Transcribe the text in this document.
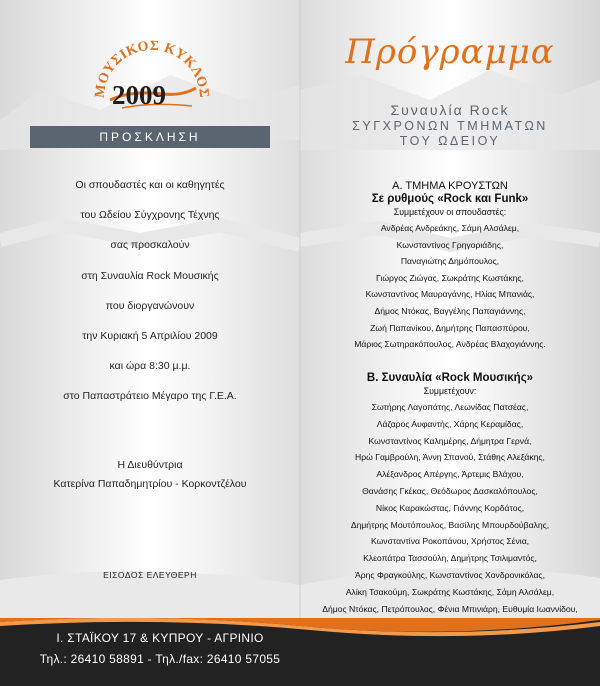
ΜΟΥΣΙΚΟΣ ΚΥΚΛΟΣ
2009
ΠΡΟΣΚΛΗΣΗ
Οι σπουδαστές και οι καθηγητές
του Ωδείου Σύγχρονης Τέχνης
σας προσκαλούν
στη Συναυλία Rock Μουσικής
που διοργανώνουν
την Κυριακή 5 Απριλίου 2009
και ώρα 8:30 μ.μ.
στο Παπαστράτειο Μέγαρο της Γ.Ε.Α.
Η Διευθύντρια
Κατερίνα Παπαδημητρίου - Κορκοντζέλου
ΕΙΣΟΔΟΣ ΕΛΕΥΘΕΡΗ
Πρόγραμμα
Συναυλία Rock
ΣΥΓΧΡΟΝΩΝ ΤΜΗΜΑΤΩΝ
ΤΟΥ ΩΔΕΙΟΥ
Α. ΤΜΗΜΑ ΚΡΟΥΣΤΩΝ
Σε ρυθμούς «Rock και Funk»
Συμμετέχουν οι σπουδαστές:
Ανδρέας Ανδρεάκης, Σάμη Αλσάλεμ,
Κωνσταντίνος Γρηγοριάδης,
Παναγιώτης Δημόπουλος,
Γιώργος Ζιώγας, Σωκράτης Κωστάκης,
Κωνσταντίνος Μαυραγάνης, Ηλίας Μπανιάς,
Δήμος Ντόκας, Βαγγέλης Παπαγιάννης,
Ζωή Παπανίκου, Δημήτρης Παπασπύρου,
Μάριος Σωτηρακόπουλος, Ανδρέας Βλαχογιάννης.
Β. Συναυλία «Rock Μουσικής»
Συμμετέχουν:
Σωτήρης Λαγοπάτης, Λεωνίδας Πατσέας,
Λάζαρος Αυφαντής, Χάρης Κεραμίδας,
Κωνσταντίνος Καλημέρης, Δήμητρα Γερνά,
Ηρώ Γαμβρούλη, Άννη Σπανού, Στάθης Αλεξάκης,
Αλέξανδρος Απέργης, Άρτεμις Βλάχου,
Θανάσης Γκέκας, Θεόδωρος Δασκαλόπουλος,
Νίκος Καρακώστας, Γιάννης Κορδάτος,
Δημήτρης Μουτόπουλος, Βασίλης Μπουρδούβαλης,
Κωνσταντίνα Ροκοπάνου, Χρήστος Σένια,
Κλεοπάτρα Τασσούλη, Δημήτρης Τσιλιμαντός,
Άρης Φραγκούλης, Κωνσταντίνος Χονδρονικόλας,
Αλίκη Τσακούμη, Σωκράτης Κωστάκης, Σάμη Αλσάλεμ,
Δήμος Ντόκας, Πετρόπουλος, Φένια Μπινιάρη, Ευθυμία Ιωαννίδου,
Ι. ΣΤΑΪΚΟΥ 17 & ΚΥΠΡΟΥ - ΑΓΡΙΝΙΟ
Τηλ.: 26410 58891 - Τηλ./fax: 26410 57055
